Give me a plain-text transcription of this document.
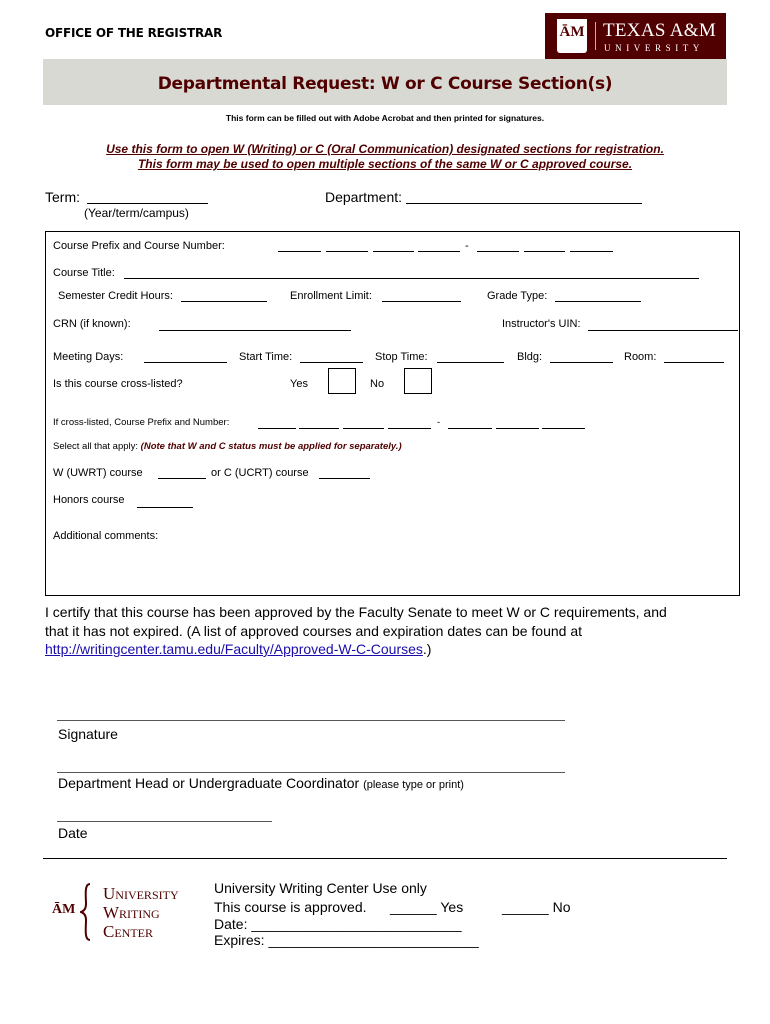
OFFICE OF THE REGISTRAR	ĀM TEXAS A&M
UNIVERSITY
Departmental Request: W or C Course Section(s)
This form can be filled out with Adobe Acrobat and then printed for signatures.
Use this form to open W (Writing) or C (Oral Communication) designated sections for registration.
This form may be used to open multiple sections of the same W or C approved course.
Term:
(Year/term/campus)
Department:
Course Prefix and Course Number:	-
Course Title:
Semester Credit Hours:	Enrollment Limit:	Grade Type:
CRN (if known):	Instructor's UIN:
Meeting Days:	Start Time:	Stop Time:	Bldg:	Room:
Is this course cross-listed?	Yes	No
If cross-listed, Course Prefix and Number:	-
Select all that apply: (Note that W and C status must be applied for separately.)
W (UWRT) course	or C (UCRT) course
Honors course
Additional comments:
I certify that this course has been approved by the Faculty Senate to meet W or C requirements, and
that it has not expired. (A list of approved courses and expiration dates can be found at
http://writingcenter.tamu.edu/Faculty/Approved-W-C-Courses.)
Signature
Department Head or Undergraduate Coordinator (please type or print)
Date
ĀM
University
Writing
Center
University Writing Center Use only
This course is approved. ______ Yes	______ No
Date: ___________________________
Expires: ___________________________
